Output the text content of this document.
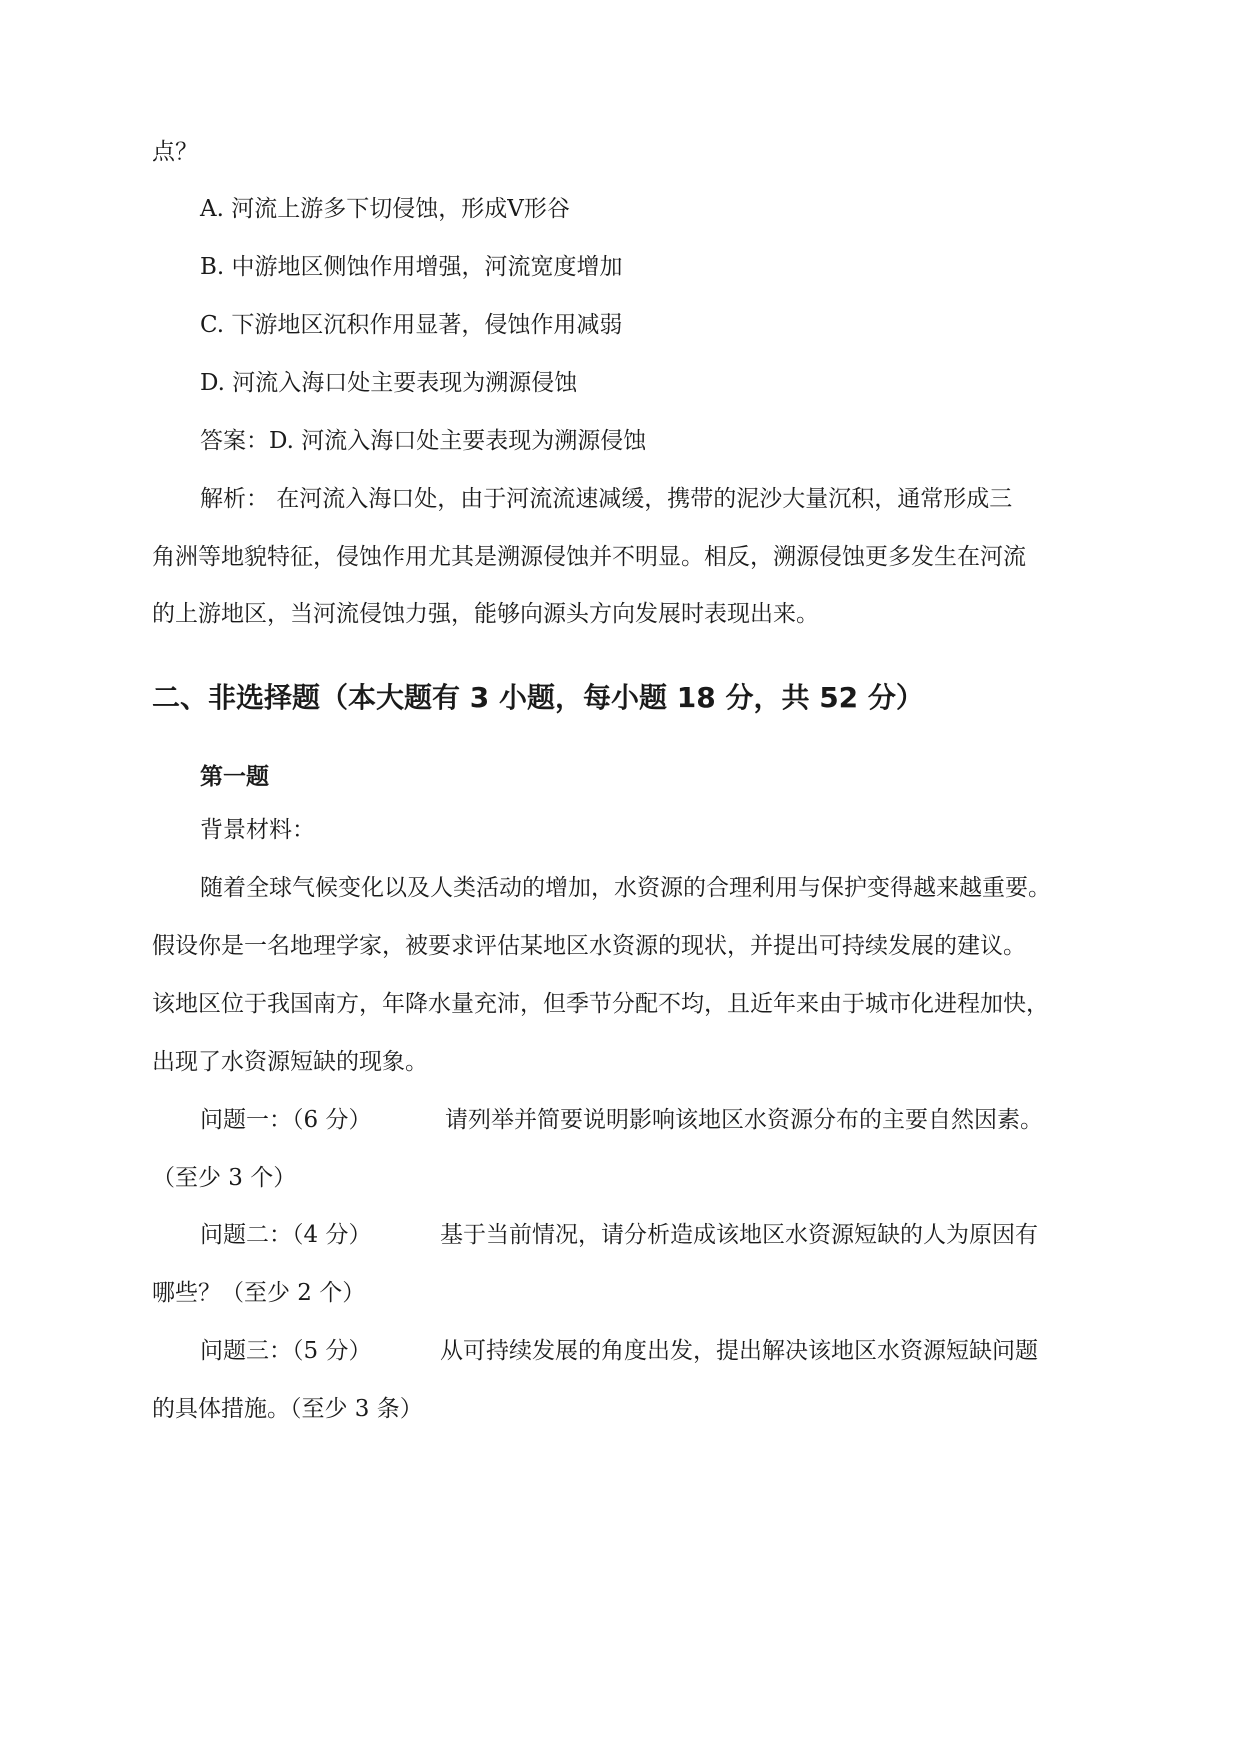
点？
A. 河流上游多下切侵蚀，形成V形谷
B. 中游地区侧蚀作用增强，河流宽度增加
C. 下游地区沉积作用显著，侵蚀作用减弱
D. 河流入海口处主要表现为溯源侵蚀
答案：D. 河流入海口处主要表现为溯源侵蚀
解析： 在河流入海口处，由于河流流速减缓，携带的泥沙大量沉积，通常形成三
角洲等地貌特征，侵蚀作用尤其是溯源侵蚀并不明显。相反，溯源侵蚀更多发生在河流
的上游地区，当河流侵蚀力强，能够向源头方向发展时表现出来。
二、非选择题（本大题有 3 小题，每小题 18 分，共 52 分）
第一题
背景材料：
随着全球气候变化以及人类活动的增加，水资源的合理利用与保护变得越来越重要。
假设你是一名地理学家，被要求评估某地区水资源的现状，并提出可持续发展的建议。
该地区位于我国南方，年降水量充沛，但季节分配不均，且近年来由于城市化进程加快，
出现了水资源短缺的现象。
问题一：（6 分）	请列举并简要说明影响该地区水资源分布的主要自然因素。
（至少 3 个）
问题二：（4 分）	基于当前情况，请分析造成该地区水资源短缺的人为原因有
哪些？（至少 2 个）
问题三：（5 分）	从可持续发展的角度出发，提出解决该地区水资源短缺问题
的具体措施。（至少 3 条）
